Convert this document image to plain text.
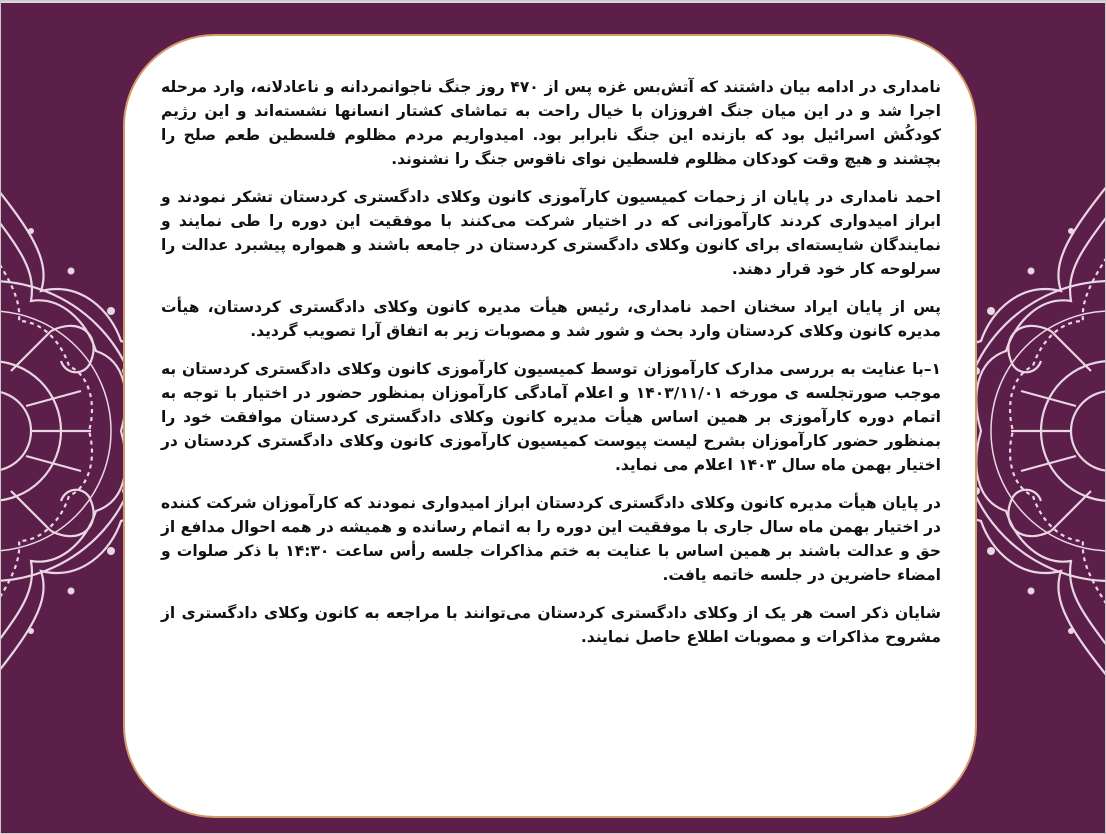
نامداری در ادامه بیان داشتند که آتش‌بس غزه پس از ۴۷۰ روز جنگ ناجوانمردانه و ناعادلانه، وارد مرحله اجرا شد و در این میان جنگ افروزان با خیال راحت به تماشای کشتار انسانها نشسته‌اند و این رژیم کودکُش اسرائیل بود که بازنده این جنگ نابرابر بود. امیدواریم مردم مظلوم فلسطین طعم صلح را بچشند و هیچ وقت کودکان مظلوم فلسطین نوای ناقوس جنگ را نشنوند.

احمد نامداری در پایان از زحمات کمیسیون کارآموزی کانون وکلای دادگستری کردستان تشکر نمودند و ابراز امیدواری کردند کارآموزانی که در اختیار شرکت می‌کنند با موفقیت این دوره را طی نمایند و نمایندگان شایسته‌ای برای کانون وکلای دادگستری کردستان در جامعه باشند و همواره پیشبرد عدالت را سرلوحه کار خود قرار دهند.

پس از پایان ایراد سخنان احمد نامداری، رئیس هیأت مدیره کانون وکلای دادگستری کردستان، هیأت مدیره کانون وکلای کردستان وارد بحث و شور شد و مصوبات زیر به اتفاق آرا تصویب گردید.

۱–با عنایت به بررسی مدارک کارآموزان توسط کمیسیون کارآموزی کانون وکلای دادگستری کردستان به موجب صورتجلسه ی مورخه ۱۴۰۳/۱۱/۰۱ و اعلام آمادگی کارآموزان بمنظور حضور در اختیار با توجه به اتمام دوره کارآموزی بر همین اساس هیأت مدیره کانون وکلای دادگستری کردستان موافقت خود را بمنظور حضور کارآموزان بشرح لیست پیوست کمیسیون کارآموزی کانون وکلای دادگستری کردستان در اختیار بهمن ماه سال ۱۴۰۳ اعلام می نماید.

در پایان هیأت مدیره کانون وکلای دادگستری کردستان ابراز امیدواری نمودند که کارآموزان شرکت کننده در اختیار بهمن ماه سال جاری با موفقیت این دوره را به اتمام رسانده و همیشه در همه احوال مدافع از حق و عدالت باشند بر همین اساس با عنایت به ختم مذاکرات جلسه رأس ساعت ۱۴:۳۰ با ذکر صلوات و امضاء حاضرین در جلسه خاتمه یافت.

شایان ذکر است هر یک از وکلای دادگستری کردستان می‌توانند با مراجعه به کانون وکلای دادگستری از مشروح مذاکرات و مصوبات اطلاع حاصل نمایند.
